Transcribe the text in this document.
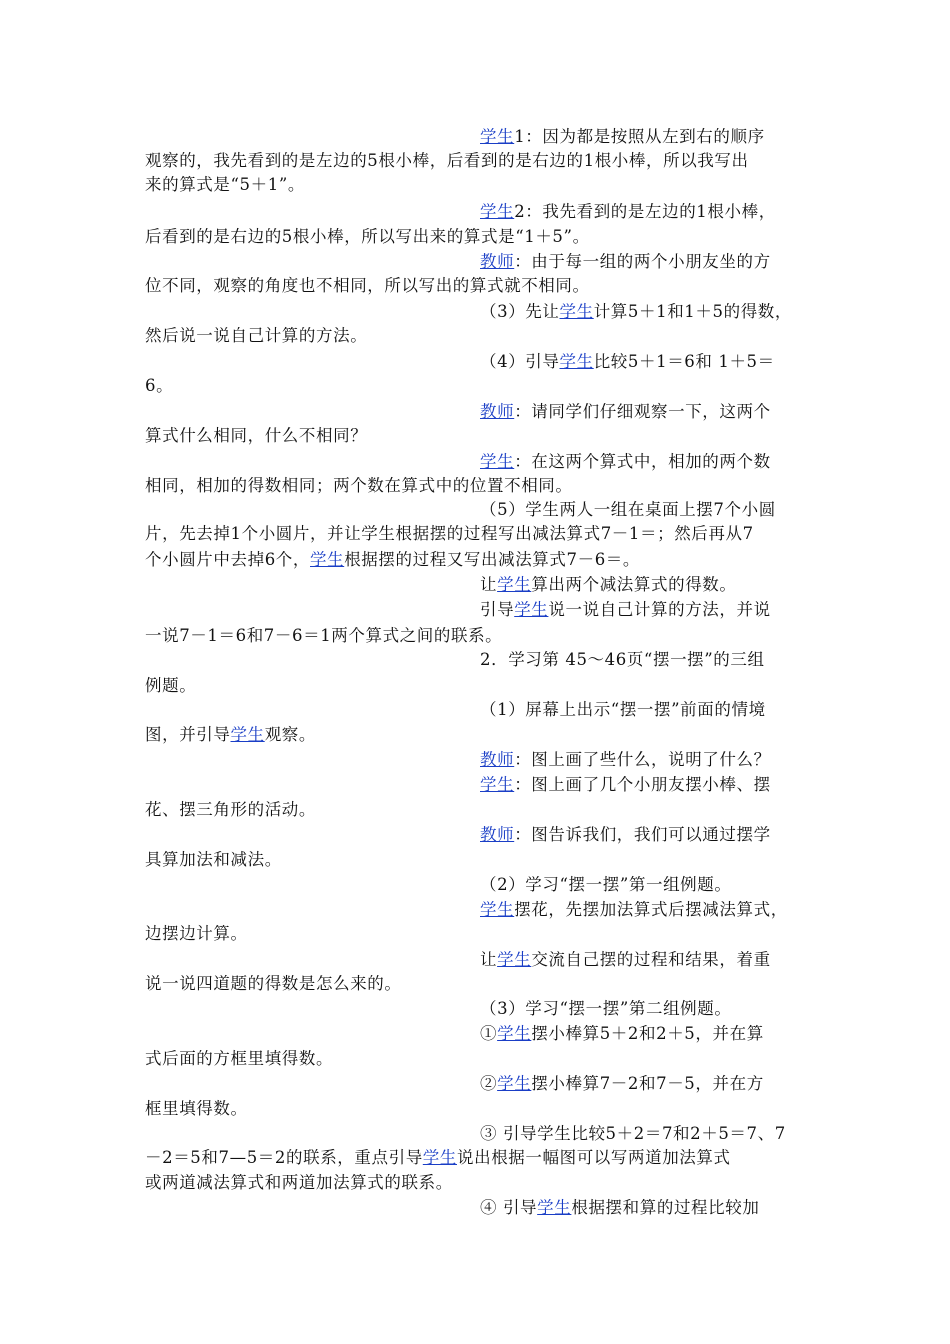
学生1：因为都是按照从左到右的顺序
观察的，我先看到的是左边的5根小棒，后看到的是右边的1根小棒，所以我写出
来的算式是“5＋1”。
学生2：我先看到的是左边的1根小棒，
后看到的是右边的5根小棒，所以写出来的算式是“1＋5”。
教师：由于每一组的两个小朋友坐的方
位不同，观察的角度也不相同，所以写出的算式就不相同。
（3）先让学生计算5＋1和1＋5的得数，
然后说一说自己计算的方法。
（4）引导学生比较5＋1＝6和 1＋5＝
6。
教师：请同学们仔细观察一下，这两个
算式什么相同，什么不相同？
学生：在这两个算式中，相加的两个数
相同，相加的得数相同；两个数在算式中的位置不相同。
（5）学生两人一组在桌面上摆7个小圆
片，先去掉1个小圆片，并让学生根据摆的过程写出减法算式7－1＝；然后再从7
个小圆片中去掉6个，学生根据摆的过程又写出减法算式7－6＝。
让学生算出两个减法算式的得数。
引导学生说一说自己计算的方法，并说
一说7－1＝6和7－6＝1两个算式之间的联系。
2．学习第 45～46页“摆一摆”的三组
例题。
（1）屏幕上出示“摆一摆”前面的情境
图，并引导学生观察。
教师：图上画了些什么，说明了什么？
学生：图上画了几个小朋友摆小棒、摆
花、摆三角形的活动。
教师：图告诉我们，我们可以通过摆学
具算加法和减法。
（2）学习“摆一摆”第一组例题。
学生摆花，先摆加法算式后摆减法算式，
边摆边计算。
让学生交流自己摆的过程和结果，着重
说一说四道题的得数是怎么来的。
（3）学习“摆一摆”第二组例题。
①学生摆小棒算5＋2和2＋5，并在算
式后面的方框里填得数。
②学生摆小棒算7－2和7－5，并在方
框里填得数。
③ 引导学生比较5＋2＝7和2＋5＝7、7
－2＝5和7—5＝2的联系，重点引导学生说出根据一幅图可以写两道加法算式
或两道减法算式和两道加法算式的联系。
④ 引导学生根据摆和算的过程比较加
